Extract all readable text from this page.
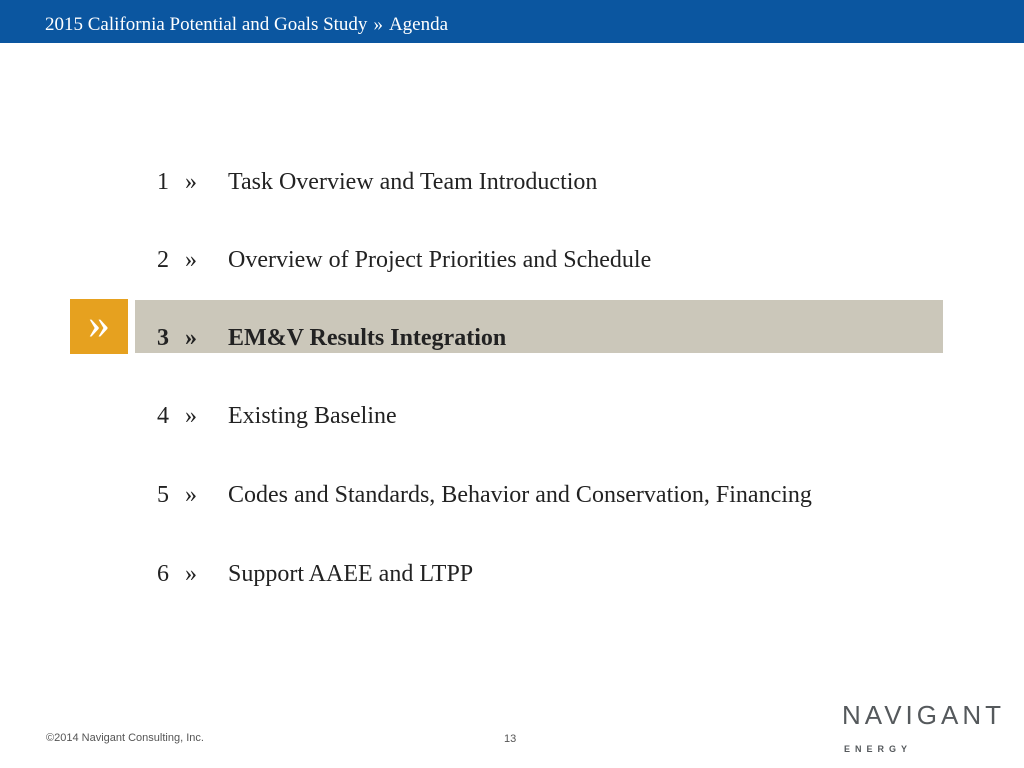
2015 California Potential and Goals Study » Agenda
»
1 » Task Overview and Team Introduction
2 » Overview of Project Priorities and Schedule
3 » EM&V Results Integration
4 » Existing Baseline
5 » Codes and Standards, Behavior and Conservation, Financing
6 » Support AAEE and LTPP
©2014 Navigant Consulting, Inc.	13
NAVIGANT
ENERGY
